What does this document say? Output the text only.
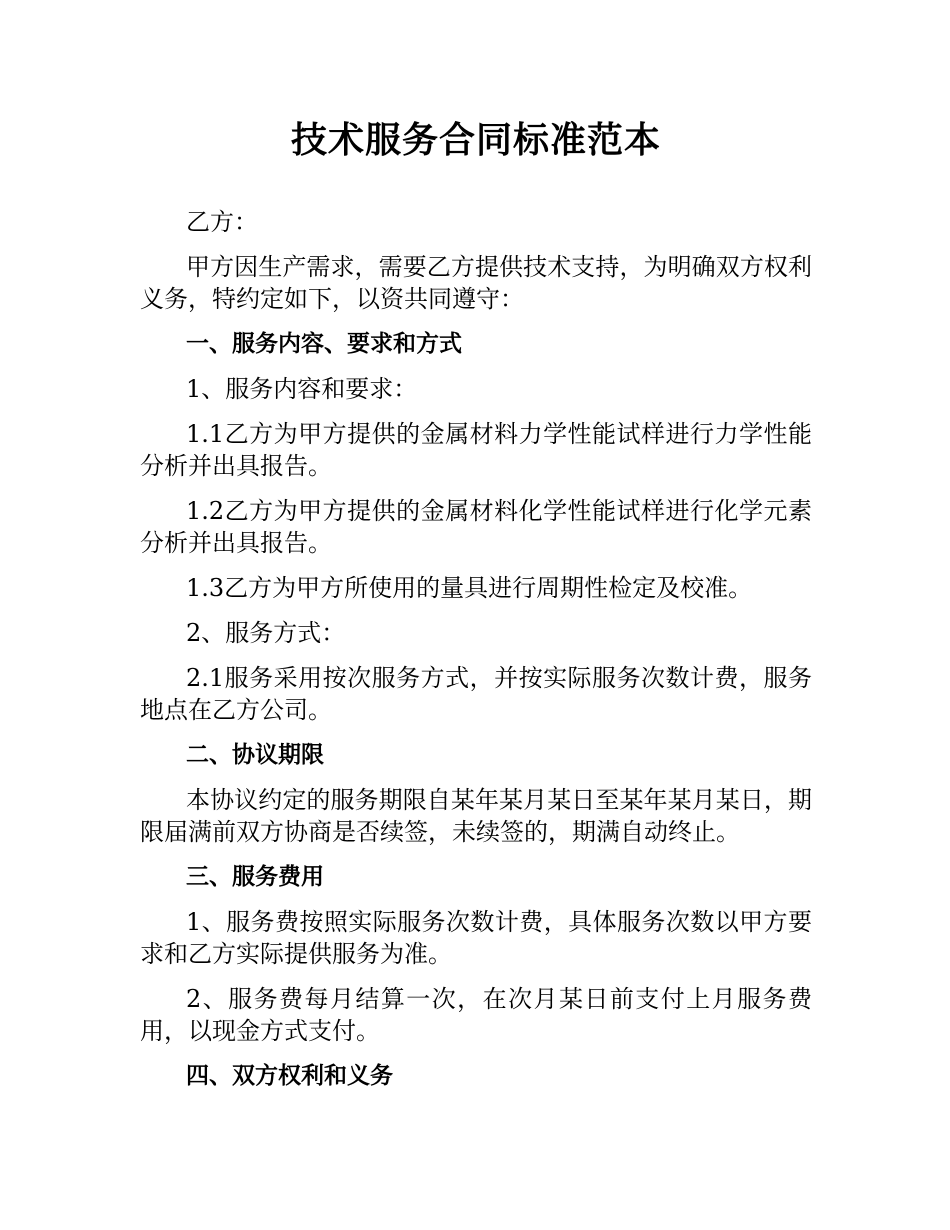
技术服务合同标准范本

乙方：

甲方因生产需求，需要乙方提供技术支持，为明确双方权利义务，特约定如下，以资共同遵守：

一、服务内容、要求和方式

1、服务内容和要求：

1.1乙方为甲方提供的金属材料力学性能试样进行力学性能分析并出具报告。

1.2乙方为甲方提供的金属材料化学性能试样进行化学元素分析并出具报告。

1.3乙方为甲方所使用的量具进行周期性检定及校准。

2、服务方式：

2.1服务采用按次服务方式，并按实际服务次数计费，服务地点在乙方公司。

二、协议期限

本协议约定的服务期限自某年某月某日至某年某月某日，期限届满前双方协商是否续签，未续签的，期满自动终止。

三、服务费用

1、服务费按照实际服务次数计费，具体服务次数以甲方要求和乙方实际提供服务为准。

2、服务费每月结算一次，在次月某日前支付上月服务费用，以现金方式支付。

四、双方权利和义务
